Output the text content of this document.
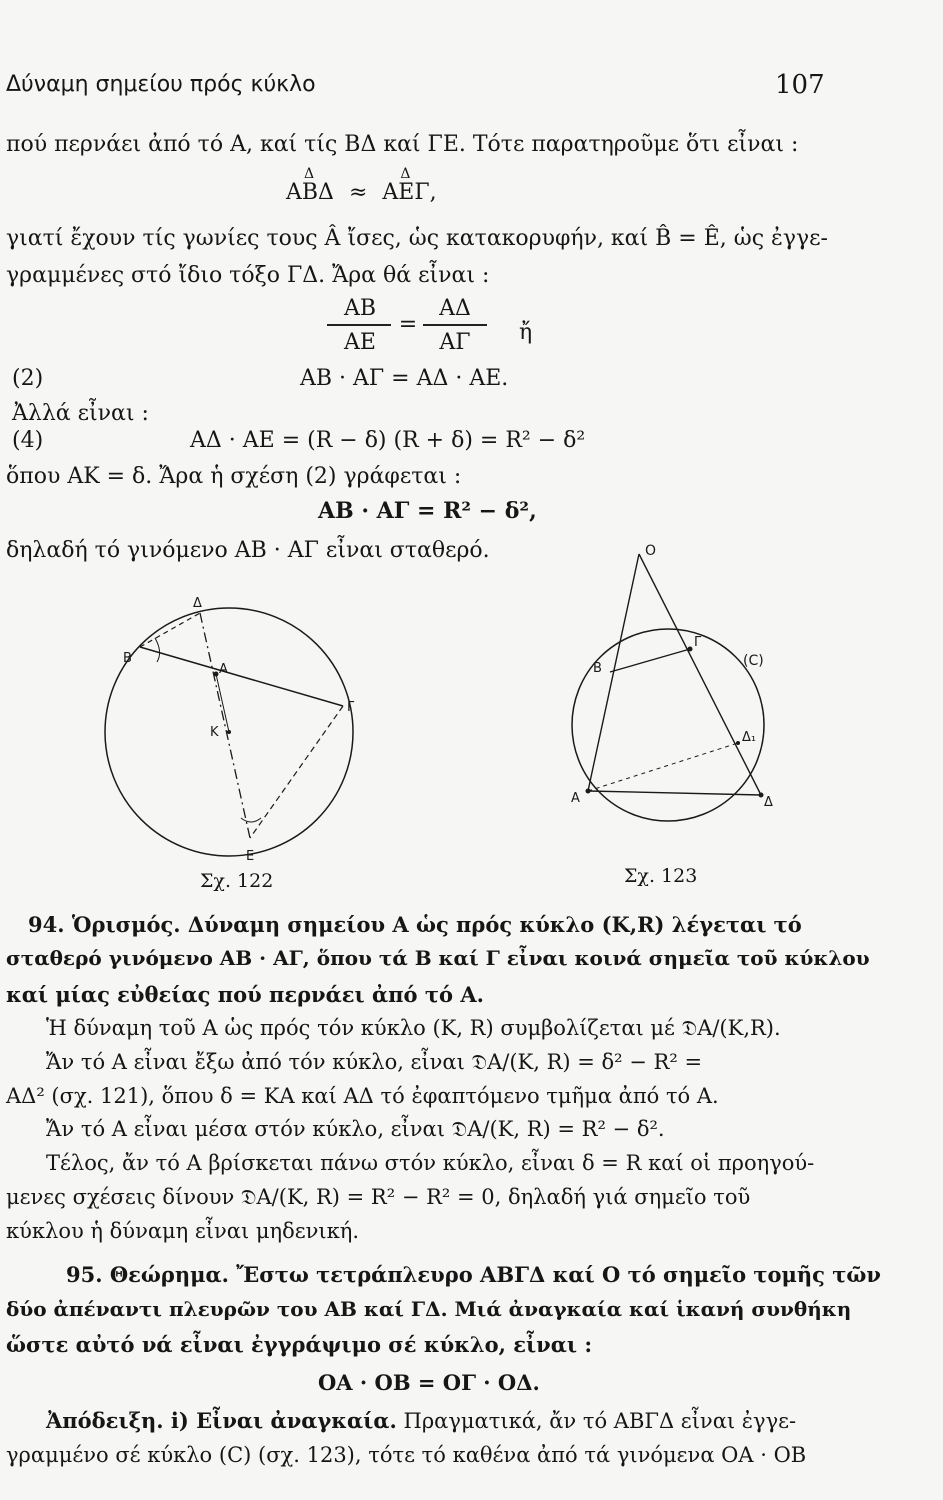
Δύναμη σημείου πρός κύκλο	107
πού περνάει ἀπό τό Α, καί τίς ΒΔ καί ΓΕ. Τότε παρατηροῦμε ὅτι εἶναι :
Δ
ΑΒΔ ≈
Δ
ΑΕΓ,
γιατί ἔχουν τίς γωνίες τους Â ἴσες, ὡς κατακορυφήν, καί B̂ = Ê, ὡς ἐγγε-
γραμμένες στό ἴδιο τόξο ΓΔ. Ἄρα θά εἶναι :
ΑΒ
ΑΕ
=
ΑΔ
ΑΓ	ἤ
(2)	ΑΒ · ΑΓ = ΑΔ · ΑΕ.
Ἀλλά εἶναι :
(4)	ΑΔ · ΑΕ = (R − δ) (R + δ) = R² − δ²
ὅπου ΑΚ = δ. Ἄρα ἡ σχέση (2) γράφεται :
ΑΒ · ΑΓ = R² − δ²,
δηλαδή τό γινόμενο ΑΒ · ΑΓ εἶναι σταθερό.
Δ
Β
Α
Γ
Κ
Ε
Σχ. 122
Ο
Γ
Β	(C)
Δ₁
Α	Δ
Σχ. 123
94. Ὁρισμός. Δύναμη σημείου Α ὡς πρός κύκλο (K,R) λέγεται τό
σταθερό γινόμενο ΑΒ · ΑΓ, ὅπου τά Β καί Γ εἶναι κοινά σημεῖα τοῦ κύκλου
καί μίας εὐθείας πού περνάει ἀπό τό Α.
Ἡ δύναμη τοῦ Α ὡς πρός τόν κύκλο (Κ, R) συμβολίζεται μέ 𝔇Α/(Κ,R).
Ἄν τό Α εἶναι ἔξω ἀπό τόν κύκλο, εἶναι 𝔇Α/(Κ, R) = δ² − R² =
ΑΔ² (σχ. 121), ὅπου δ = ΚΑ καί ΑΔ τό ἐφαπτόμενο τμῆμα ἀπό τό Α.
Ἄν τό Α εἶναι μέσα στόν κύκλο, εἶναι 𝔇Α/(Κ, R) = R² − δ².
Τέλος, ἄν τό Α βρίσκεται πάνω στόν κύκλο, εἶναι δ = R καί οἱ προηγού-
μενες σχέσεις δίνουν 𝔇Α/(Κ, R) = R² − R² = 0, δηλαδή γιά σημεῖο τοῦ
κύκλου ἡ δύναμη εἶναι μηδενική.
95. Θεώρημα. Ἔστω τετράπλευρο ΑΒΓΔ καί Ο τό σημεῖο τομῆς τῶν
δύο ἀπέναντι πλευρῶν του ΑΒ καί ΓΔ. Μιά ἀναγκαία καί ἱκανή συνθήκη
ὥστε αὐτό νά εἶναι ἐγγράψιμο σέ κύκλο, εἶναι :
ΟΑ · ΟΒ = ΟΓ · ΟΔ.
Ἀπόδειξη. i) Εἶναι ἀναγκαία. Πραγματικά, ἄν τό ΑΒΓΔ εἶναι ἐγγε-
γραμμένο σέ κύκλο (C) (σχ. 123), τότε τό καθένα ἀπό τά γινόμενα ΟΑ · ΟΒ
